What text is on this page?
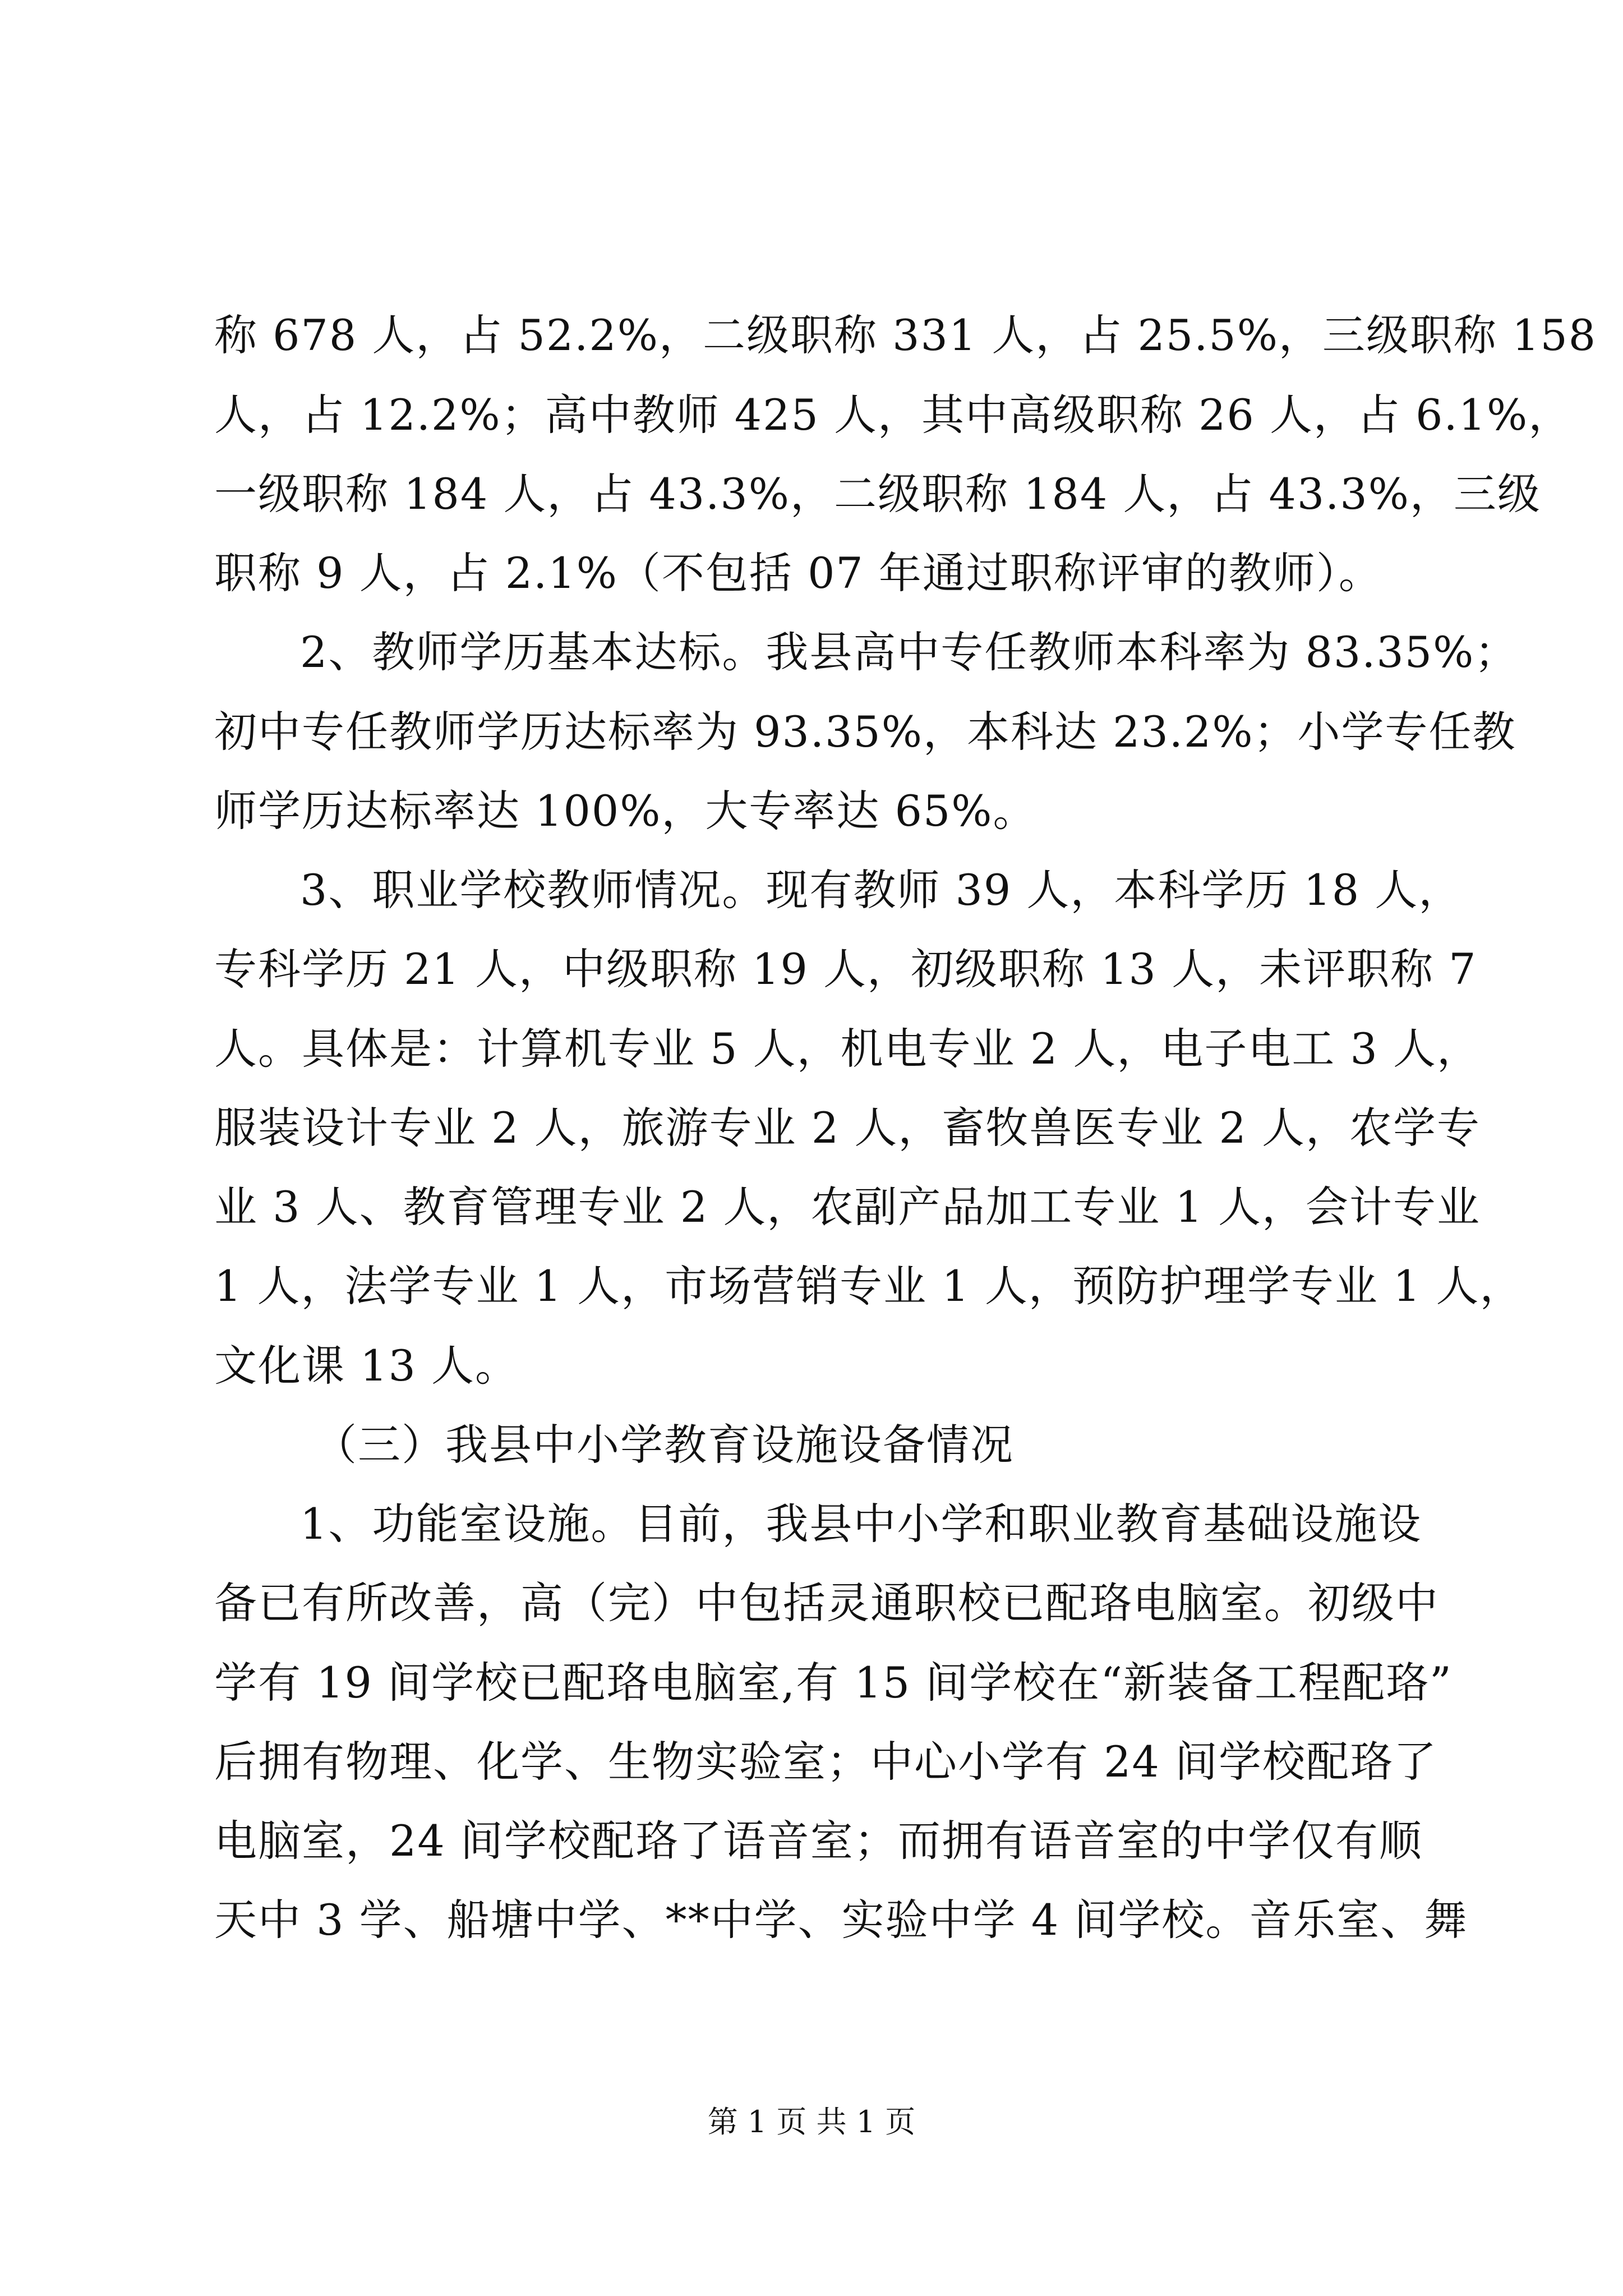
称 678 人，占 52.2%，二级职称 331 人，占 25.5%，三级职称 158
人，占 12.2%；高中教师 425 人，其中高级职称 26 人，占 6.1%，
一级职称 184 人，占 43.3%，二级职称 184 人，占 43.3%，三级
职称 9 人，占 2.1%（不包括 07 年通过职称评审的教师）。
2、教师学历基本达标。我县高中专任教师本科率为 83.35%；
初中专任教师学历达标率为 93.35%，本科达 23.2%；小学专任教
师学历达标率达 100%，大专率达 65%。
3、职业学校教师情况。现有教师 39 人，本科学历 18 人，
专科学历 21 人，中级职称 19 人，初级职称 13 人，未评职称 7
人。具体是：计算机专业 5 人，机电专业 2 人，电子电工 3 人，
服装设计专业 2 人，旅游专业 2 人，畜牧兽医专业 2 人，农学专
业 3 人、教育管理专业 2 人，农副产品加工专业 1 人，会计专业
1 人，法学专业 1 人，市场营销专业 1 人，预防护理学专业 1 人，
文化课 13 人。
（三）我县中小学教育设施设备情况
1、功能室设施。目前，我县中小学和职业教育基础设施设
备已有所改善，高（完）中包括灵通职校已配珞电脑室。初级中
学有 19 间学校已配珞电脑室,有 15 间学校在“新装备工程配珞”
后拥有物理、化学、生物实验室；中心小学有 24 间学校配珞了
电脑室，24 间学校配珞了语音室；而拥有语音室的中学仅有顺
天中 3 学、船塘中学、**中学、实验中学 4 间学校。音乐室、舞
第 1 页 共 1 页
